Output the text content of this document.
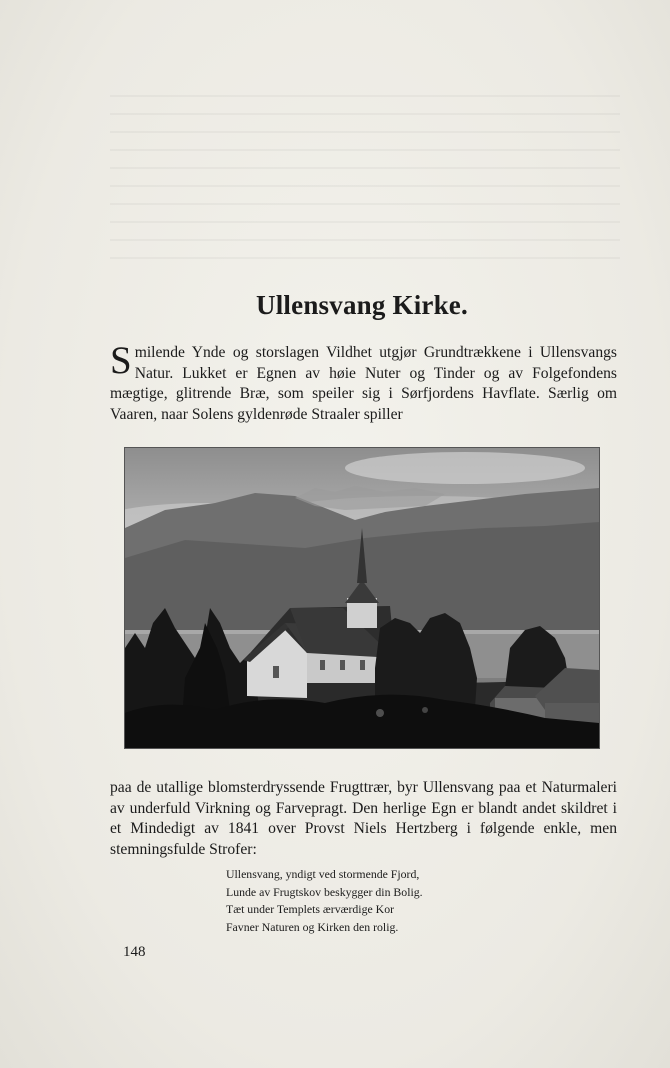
Ullensvang Kirke.
Smilende Ynde og storslagen Vildhet utgjør Grundtrækkene i Ullensvangs Natur. Lukket er Egnen av høie Nuter og Tinder og av Folgefondens mægtige, glitrende Bræ, som speiler sig i Sørfjordens Havflate. Særlig om Vaaren, naar Solens gyldenrøde Straaler spiller
paa de utallige blomsterdryssende Frugttrær, byr Ullensvang paa et Naturmaleri av underfuld Virkning og Farvepragt. Den herlige Egn er blandt andet skildret i et Mindedigt av 1841 over Provst Niels Hertzberg i følgende enkle, men stemningsfulde Strofer:
Ullensvang, yndigt ved stormende Fjord,
Lunde av Frugtskov beskygger din Bolig.
Tæt under Templets ærværdige Kor
Favner Naturen og Kirken den rolig.
148
